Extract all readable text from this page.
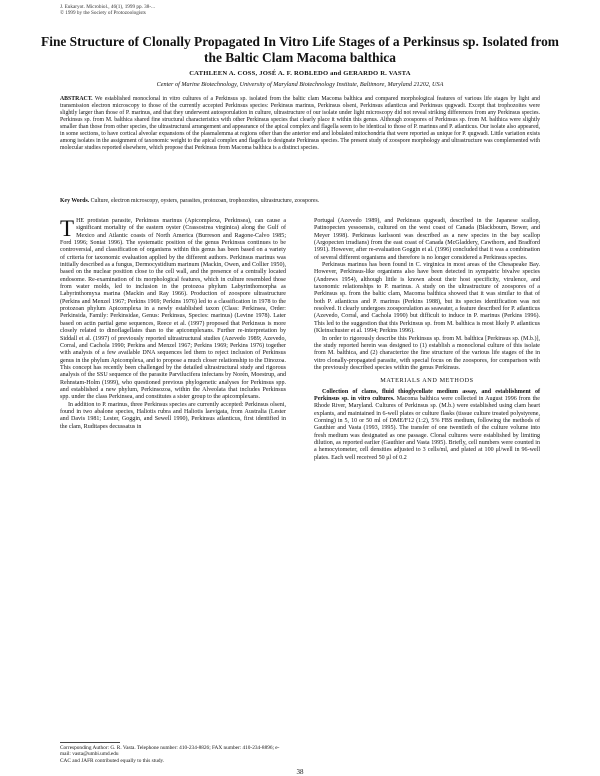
J. Eukaryot. Microbiol., 46(1), 1999 pp. 38-...
© 1999 by the Society of Protozoologists
Fine Structure of Clonally Propagated In Vitro Life Stages of a Perkinsus sp. Isolated from the Baltic Clam Macoma balthica
CATHLEEN A. COSS, JOSÉ A. F. ROBLEDO and GERARDO R. VASTA
Center of Marine Biotechnology, University of Maryland Biotechnology Institute, Baltimore, Maryland 21202, USA
ABSTRACT. We established monoclonal in vitro cultures of a Perkinsus sp. isolated from the baltic clam Macoma balthica and compared morphological features of various life stages by light and transmission electron microscopy to those of the currently accepted Perkinsus species: Perkinsus marinus, Perkinsus olseni, Perkinsus atlanticus and Perkinsus qugwadi. Except that trophozoites were slightly larger than those of P. marinus, and that they underwent autosporulation in culture, ultrastructure of our isolate under light microscopy did not reveal striking differences from any Perkinsus species. Perkinsus sp. from M. balthica shared fine structural characteristics with other Perkinsus species that clearly place it within this genus. Although zoospores of Perkinsus sp. from M. balthica were slightly smaller than those from other species, the ultrastructural arrangement and appearance of the apical complex and flagella seem to be identical to those of P. marinus and P. atlanticus. Our isolate also appeared, in some sections, to have cortical alveolar expansions of the plasmalemma at regions other than the anterior end and lobulated mitochondria that were reported as unique for P. qugwadi. Little variation exists among isolates in the assignment of taxonomic weight to the apical complex and flagella to designate Perkinsus species. The present study of zoospore morphology and ultrastructure was complemented with molecular studies reported elsewhere, which propose that Perkinsus from Macoma balthica is a distinct species.
Key Words. Culture, electron microscopy, oysters, parasites, protozoan, trophozoites, ultrastructure, zoospores.

THE protistan parasite, Perkinsus marinus (Apicomplexa, Perkinsea), can cause a significant mortality of the eastern oyster (Crassostrea virginica) along the Gulf of Mexico and Atlantic coasts of North America (Burreson and Ragone-Calvo 1985; Ford 1996; Soniat 1996). The systematic position of the genus Perkinsus continues to be controversial, and classification of organisms within this genus has been based on a variety of criteria for taxonomic evaluation applied by the different authors. Perkinsus marinus was initially described as a fungus, Dermocystidium marinum (Mackin, Owen, and Collier 1950), based on the nuclear position close to the cell wall, and the presence of a centrally located endosome. Re-examination of its morphological features, which in culture resembled those from water molds, led to inclusion in the protozoa phylum Labyrinthomorpha as Labyrinthomyxa marina (Mackin and Ray 1966). Production of zoospore ultrastructure (Perkins and Menzel 1967; Perkins 1969; Perkins 1976) led to a classification in 1978 to the protozoan phylum Apicomplexa in a newly established taxon (Class: Perkinsea, Order: Perkinsida, Family: Perkinsidae, Genus: Perkinsus, Species: marinus) (Levine 1978). Later based on actin partial gene sequences, Reece et al. (1997) proposed that Perkinsus is more closely related to dinoflagellates than to the apicomplexans. Further re-interpretation by Siddall et al. (1997) of previously reported ultrastructural studies (Azevedo 1989; Azevedo, Corral, and Cachola 1990; Perkins and Menzel 1967; Perkins 1969; Perkins 1976) together with analysis of a few available DNA sequences led them to reject inclusion of Perkinsus genus in the phylum Apicomplexa, and to propose a much closer relationship to the Dinozoa. This concept has recently been challenged by the detailed ultrastructural study and rigorous analysis of the SSU sequence of the parasite Parvilucifera infectans by Norén, Moestrup, and Rehnstam-Holm (1999), who questioned previous phylogenetic analyses for Perkinsus spp. and established a new phylum, Perkinsozoa, within the Alveolata that includes Perkinsus spp. under the class Perkinsea, and constitutes a sister group to the apicomplexans.

In addition to P. marinus, three Perkinsus species are currently accepted: Perkinsus olseni, found in two abalone species, Haliotis rubra and Haliotis laevigata, from Australia (Lester and Davis 1981; Lester, Goggin, and Sewell 1990), Perkinsus atlanticus, first identified in the clam, Ruditapes decussatus in

Portugal (Azevedo 1989), and Perkinsus qugwadi, described in the Japanese scallop, Patinopecten yessoensis, cultured on the west coast of Canada (Blackbourn, Bower, and Meyer 1998). Perkinsus karlssoni was described as a new species in the bay scallop (Argopecten irradians) from the east coast of Canada (McGladdery, Cawthorn, and Bradford 1991). However, after re-evaluation Goggin et al. (1996) concluded that it was a combination of several different organisms and therefore is no longer considered a Perkinsus species.

Perkinsus marinus has been found in C. virginica in most areas of the Chesapeake Bay. However, Perkinsus-like organisms also have been detected in sympatric bivalve species (Andrews 1954), although little is known about their host specificity, virulence, and taxonomic relationships to P. marinus. A study on the ultrastructure of zoospores of a Perkinsus sp. from the baltic clam, Macoma balthica showed that it was similar to that of both P. atlanticus and P. marinus (Perkins 1988), but its species identification was not resolved. It clearly undergoes zoosporulation as seawater, a feature described for P. atlanticus (Azevedo, Corral, and Cachola 1990) but difficult to induce in P. marinus (Perkins 1996). This led to the suggestion that this Perkinsus sp. from M. balthica is most likely P. atlanticus (Kleinschuster et al. 1994; Perkins 1996).

In order to rigorously describe this Perkinsus sp. from M. balthica [Perkinsus sp. (M.b.)], the study reported herein was designed to (1) establish a monoclonal culture of this isolate from M. balthica, and (2) characterize the fine structure of the various life stages of the in vitro clonally-propagated parasite, with special focus on the zoospores, for comparison with the previously described species within the genus Perkinsus.

MATERIALS AND METHODS

Collection of clams, fluid thioglycollate medium assay, and establishment of Perkinsus sp. in vitro cultures. Macoma balthica were collected in August 1996 from the Rhode River, Maryland. Cultures of Perkinsus sp. (M.b.) were established using clam heart explants, and maintained in 6-well plates or culture flasks (tissue culture treated polystyrene, Corning) in 5, 10 or 50 ml of DME/F12 (1:2), 5% FBS medium, following the methods of Gauthier and Vasta (1993, 1995). The transfer of one twentieth of the culture volume into fresh medium was designated as one passage. Clonal cultures were established by limiting dilution, as reported earlier (Gauthier and Vasta 1995). Briefly, cell numbers were counted in a hemocytometer, cell densities adjusted to 3 cells/ml, and plated at 100 μl/well in 96-well plates. Each well received 50 μl of 0.2

Corresponding Author: G. R. Vasta. Telephone number: 410-234-8826; FAX number: 410-234-8896; e-mail: vasta@umbi.umd.edu
CAC and JAFR contributed equally to this study.
38
